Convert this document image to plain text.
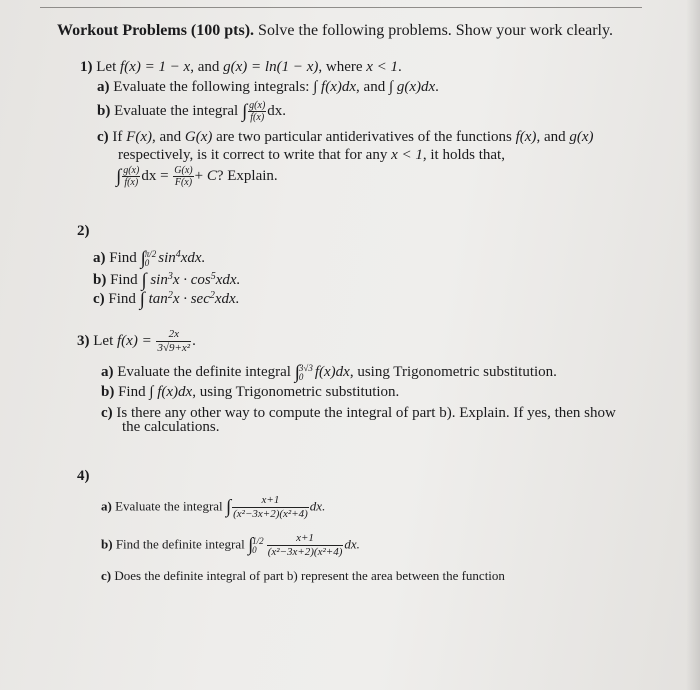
Workout Problems (100 pts). Solve the following problems. Show your work clearly.
1) Let f(x) = 1 − x, and g(x) = ln(1 − x), where x < 1.
a) Evaluate the following integrals: ∫ f(x)dx, and ∫ g(x)dx.
b) Evaluate the integral ∫ $\frac{g(x)}{f(x)}$ dx.
c) If F(x), and G(x) are two particular antiderivatives of the functions f(x), and g(x)
respectively, is it correct to write that for any x < 1, it holds that,
∫ $\frac{g(x)}{f(x)}$ dx = $\frac{G(x)}{F(x)} + C$? Explain.
2)
a) Find ∫ π/2
0 $\sin^4xdx$.
b) Find ∫ $\sin^3x \cdot \cos^5xdx$.
c) Find ∫ $\tan^2x \cdot \sec^2xdx$.
3) Let $f(x) = \frac{2x}{\text{3√9+x²}}$ .
a) Evaluate the definite integral ∫ 3√3
0 f(x)dx, using Trigonometric substitution.
b) Find ∫ f(x)dx, using Trigonometric substitution.
c) Is there any other way to compute the integral of part b). Explain. If yes, then show
the calculations.
4)
a) Evaluate the integral ∫ $\frac{x+1}{\text{(x²−3x+2)(x²+4)}}$ dx.
b) Find the definite integral ∫ 1/2
$0 \frac{x+1}{\text{(x²−3x+2)(x²+4)}}$ dx.
c) Does the definite integral of part b) represent the area between the function
